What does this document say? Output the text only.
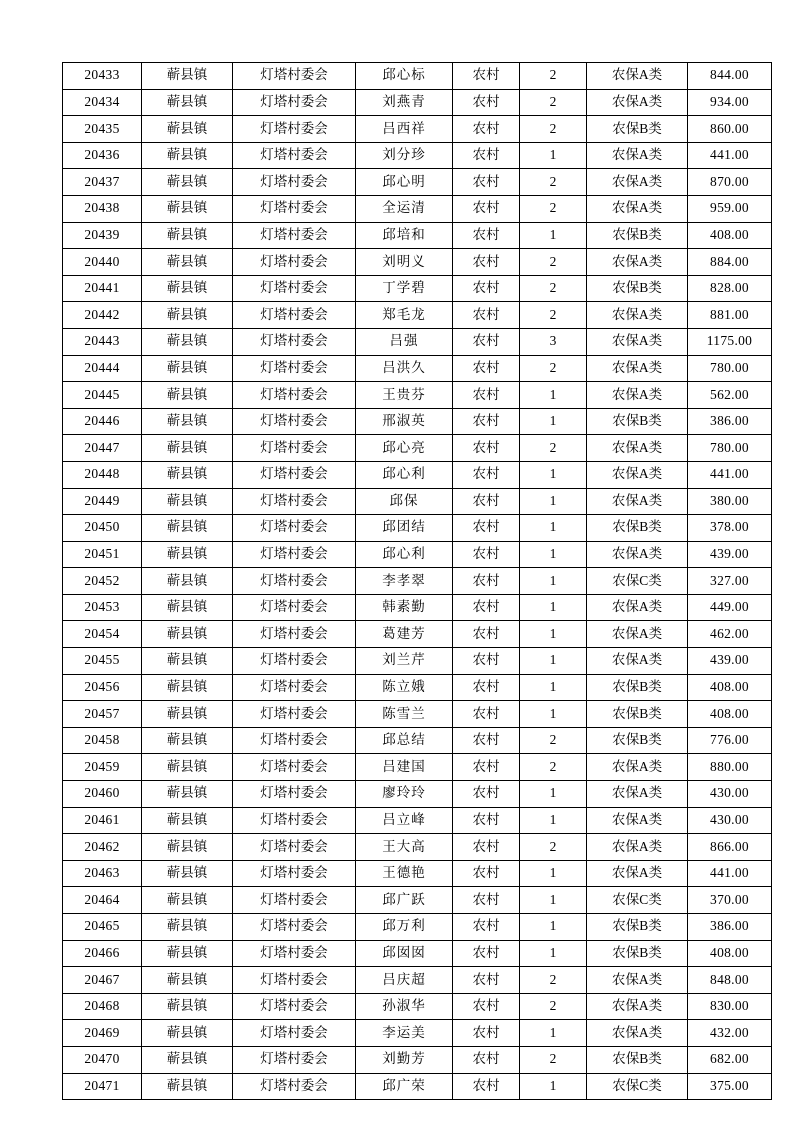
20433	蕲县镇	灯塔村委会	邱心标	农村	2	农保A类	844.00
20434	蕲县镇	灯塔村委会	刘燕青	农村	2	农保A类	934.00
20435	蕲县镇	灯塔村委会	吕西祥	农村	2	农保B类	860.00
20436	蕲县镇	灯塔村委会	刘分珍	农村	1	农保A类	441.00
20437	蕲县镇	灯塔村委会	邱心明	农村	2	农保A类	870.00
20438	蕲县镇	灯塔村委会	全运清	农村	2	农保A类	959.00
20439	蕲县镇	灯塔村委会	邱培和	农村	1	农保B类	408.00
20440	蕲县镇	灯塔村委会	刘明义	农村	2	农保A类	884.00
20441	蕲县镇	灯塔村委会	丁学碧	农村	2	农保B类	828.00
20442	蕲县镇	灯塔村委会	郑毛龙	农村	2	农保A类	881.00
20443	蕲县镇	灯塔村委会	吕强	农村	3	农保A类	1175.00
20444	蕲县镇	灯塔村委会	吕洪久	农村	2	农保A类	780.00
20445	蕲县镇	灯塔村委会	王贵芬	农村	1	农保A类	562.00
20446	蕲县镇	灯塔村委会	邢淑英	农村	1	农保B类	386.00
20447	蕲县镇	灯塔村委会	邱心亮	农村	2	农保A类	780.00
20448	蕲县镇	灯塔村委会	邱心利	农村	1	农保A类	441.00
20449	蕲县镇	灯塔村委会	邱保	农村	1	农保A类	380.00
20450	蕲县镇	灯塔村委会	邱团结	农村	1	农保B类	378.00
20451	蕲县镇	灯塔村委会	邱心利	农村	1	农保A类	439.00
20452	蕲县镇	灯塔村委会	李孝翠	农村	1	农保C类	327.00
20453	蕲县镇	灯塔村委会	韩素勤	农村	1	农保A类	449.00
20454	蕲县镇	灯塔村委会	葛建芳	农村	1	农保A类	462.00
20455	蕲县镇	灯塔村委会	刘兰芹	农村	1	农保A类	439.00
20456	蕲县镇	灯塔村委会	陈立娥	农村	1	农保B类	408.00
20457	蕲县镇	灯塔村委会	陈雪兰	农村	1	农保B类	408.00
20458	蕲县镇	灯塔村委会	邱总结	农村	2	农保B类	776.00
20459	蕲县镇	灯塔村委会	吕建国	农村	2	农保A类	880.00
20460	蕲县镇	灯塔村委会	廖玲玲	农村	1	农保A类	430.00
20461	蕲县镇	灯塔村委会	吕立峰	农村	1	农保A类	430.00
20462	蕲县镇	灯塔村委会	王大高	农村	2	农保A类	866.00
20463	蕲县镇	灯塔村委会	王德艳	农村	1	农保A类	441.00
20464	蕲县镇	灯塔村委会	邱广跃	农村	1	农保C类	370.00
20465	蕲县镇	灯塔村委会	邱万利	农村	1	农保B类	386.00
20466	蕲县镇	灯塔村委会	邱囡囡	农村	1	农保B类	408.00
20467	蕲县镇	灯塔村委会	吕庆超	农村	2	农保A类	848.00
20468	蕲县镇	灯塔村委会	孙淑华	农村	2	农保A类	830.00
20469	蕲县镇	灯塔村委会	李运美	农村	1	农保A类	432.00
20470	蕲县镇	灯塔村委会	刘勤芳	农村	2	农保B类	682.00
20471	蕲县镇	灯塔村委会	邱广荣	农村	1	农保C类	375.00
